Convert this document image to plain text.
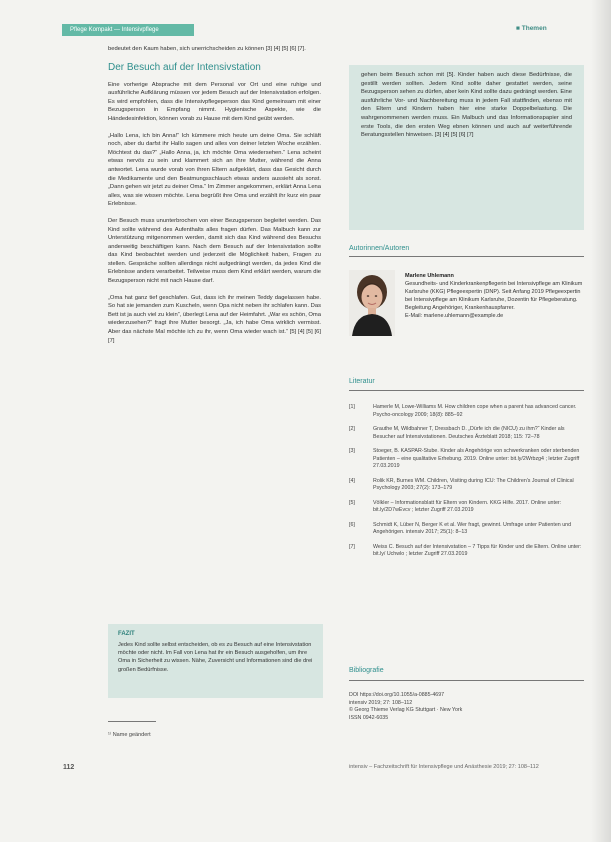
Pflege Kompakt — Intensivpflege	■ Themen

bedeutet den Kaum haben, sich unerrichscheiden zu können [3] [4] [5] [6] [7].

Der Besuch auf der Intensivstation

Eine vorherige Absprache mit dem Personal vor Ort und eine ruhige und ausführliche Aufklärung müssen vor jedem Besuch auf der Intensivstation erfolgen. Es wird empfohlen, dass die Intensivpflegeperson das Kind gemeinsam mit einer Bezugsperson in Empfang nimmt. Hygienische Aspekte, wie die Händedesinfektion, können vorab zu Hause mit dem Kind geübt werden.

„Hallo Lena, ich bin Anna!“ Ich kümmere mich heute um deine Oma. Sie schläft noch, aber du darfst ihr Hallo sagen und alles von deiner letzten Woche erzählen. Möchtest du das?“ „Hallo Anna, ja, ich möchte Oma wiedersehen.“ Lena scheint etwas nervös zu sein und klammert sich an ihre Mutter, während die Anna antwortet. Lena wurde vorab von ihren Eltern aufgeklärt, dass das Gesicht durch die Medikamente und den Beatmungsschlauch etwas anders aussieht als sonst. „Dann gehen wir jetzt zu deiner Oma.“ Im Zimmer angekommen, erklärt Anna Lena alles, was sie wissen möchte. Lena begrüßt ihre Oma und erzählt ihr kurz ein paar Erlebnisse.

Der Besuch muss ununterbrochen von einer Bezugsperson begleitet werden. Das Kind sollte während des Aufenthalts alles fragen dürfen. Das Malbuch kann zur Unterstützung mitgenommen werden, damit sich das Kind während des Besuchs anderweitig beschäftigen kann. Nach dem Besuch auf der Intensivstation sollte das Kind beobachtet werden und jederzeit die Möglichkeit haben, Fragen zu stellen. Gespräche sollten allerdings nicht aufgedrängt werden, da jedes Kind die Erlebnisse anders verarbeitet. Teilweise muss dem Kind erklärt werden, warum die Bezugsperson nicht mit nach Hause darf.

„Oma hat ganz tief geschlafen. Gut, dass ich ihr meinen Teddy dagelassen habe. So hat sie jemanden zum Kuscheln, wenn Opa nicht neben ihr schlafen kann. Das Bett ist ja auch viel zu klein“, überlegt Lena auf der Heimfahrt. „War es schön, Oma wiederzusehen?“ fragt ihre Mutter besorgt. „Ja, ich habe Oma wirklich vermisst. Aber das nächste Mal möchte ich zu ihr, wenn Oma wieder wach ist.“ [5] [4] [5] [6] [7]

FAZIT
Jedes Kind sollte selbst entscheiden, ob es zu Besuch auf eine Intensivstation möchte oder nicht. Im Fall von Lena hat ihr ein Besuch ausgeholfen, um ihre Oma in Sicherheit zu wissen. Nähe, Zuversicht und Informationen sind die drei großen Bedürfnisse.
¹⁾ Name geändert
112	intensiv – Fachzeitschrift für Intensivpflege und Anästhesie 2019; 27: 108–112
gehen beim Besuch schon mit [5]. Kinder haben auch diese Bedürfnisse, die gestillt werden sollten. Jedem Kind sollte daher gestattet werden, seine Bezugsperson sehen zu dürfen, aber kein Kind sollte dazu gedrängt werden. Eine ausführliche Vor- und Nachbereitung muss in jedem Fall stattfinden, ebenso mit den Eltern und Kindern haben hier eine starke Doppelbelastung. Die wahrgenommenen werden muss. Ein Malbuch und das Informationspapier sind erste Tools, die den ersten Weg ebnen können und auch auf weiterführende Beratungsstellen hinweisen. [3] [4] [5] [6] [7]
Autorinnen/Autoren
Marlene Uhlemann
Gesundheits- und Kinderkrankenpflegerin bei Intensivpflege am Klinikum Karlsruhe (KKG) Pflegeexpertin (DNP). Seit Anfang 2019 Pflegeexpertin bei Intensivpflege am Klinikum Karlsruhe, Dozentin für Pflegeberatung. Begleitung Angehöriger, Krankenhauspfarrer.
E-Mail: marlene.uhlemann@example.de
Literatur
[1]	Hamerle M, Lowe-Williams M. How children cope when a parent has advanced cancer. Psycho-oncology 2009; 18(8): 885–92
[2]	Grauthe M, Wildbahner T, Dressbach D. „Dürfe ich die (NICU) zu ihm?“ Kinder als Besucher auf Intensivstationen. Deutsches Ärzteblatt 2018; 115: 72–78
[3]	Stoeger, B. KASPAR-Stube. Kinder als Angehörige von schwerkranken oder sterbenden Patienten – eine qualitative Erhebung. 2019. Online unter: bit.ly/2Wrbzg4 ; letzter Zugriff 27.03.2019
[4]	Rolik KR, Burnes WM. Children, Visiting during ICU: The Children's Journal of Clinical Psychology 2003; 27(2): 173–179
[5]	Völkler – Informationsblatt für Eltern von Kindern. KKG Hilfe. 2017. Online unter: bit.ly/2D7wEvcv ; letzter Zugriff 27.03.2019
[6]	Schmidt K, Lüber N, Berger K et al. Wer fragt, gewinnt. Umfrage unter Patienten und Angehörigen. intensiv 2017; 25(1): 8–13
[7]	Weiss C. Besuch auf der Intensivstation – 7 Tipps für Kinder und die Eltern. Online unter: bit.ly/ Uchwlo ; letzter Zugriff 27.03.2019
Bibliografie
DOI https://doi.org/10.1055/a-0885-4697
intensiv 2019; 27: 108–112
© Georg Thieme Verlag KG Stuttgart · New York
ISSN 0942-6035
